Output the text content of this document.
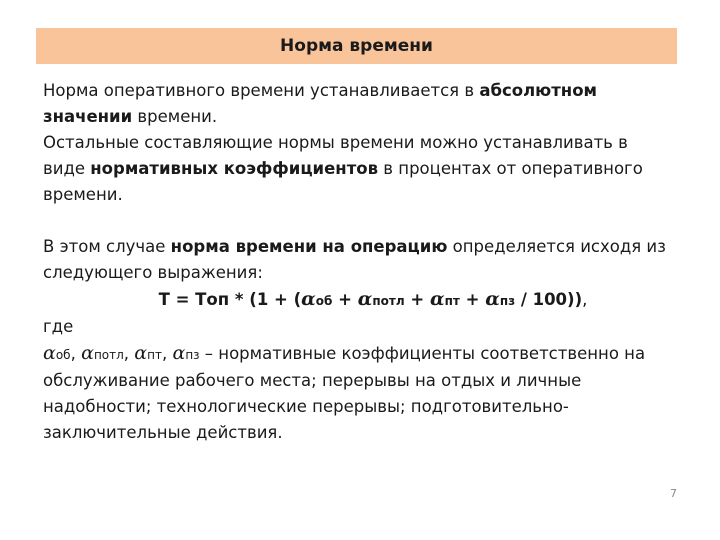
Норма времени

Норма оперативного времени устанавливается в абсолютном значении времени.

Остальные составляющие нормы времени можно устанавливать в виде нормативных коэффициентов в процентах от оперативного времени.

В этом случае норма времени на операцию определяется исходя из следующего выражения:

Т = Топ * (1 + (αоб + αпотл + αпт + αпз / 100)),

где

αоб, αпотл, αпт, αпз – нормативные коэффициенты соответственно на обслуживание рабочего места; перерывы на отдых и личные надобности; технологические перерывы; подготовительно-заключительные действия.

7
